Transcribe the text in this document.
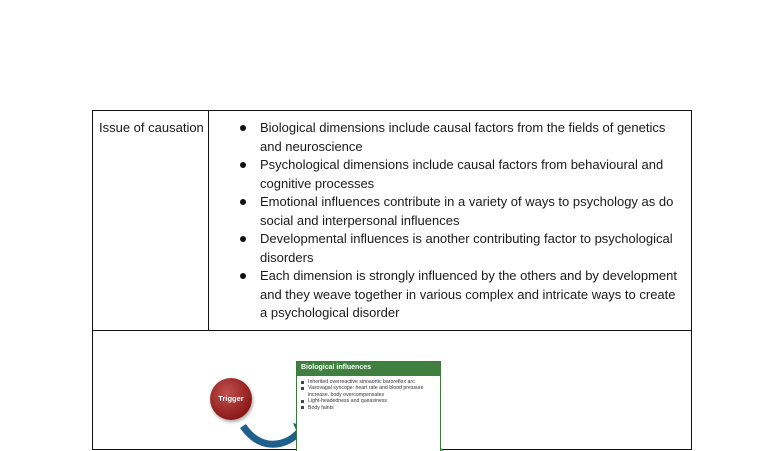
Issue of causation	Biological dimensions include causal factors from the fields of genetics and neuroscience
Psychological dimensions include causal factors from behavioural and cognitive processes
Emotional influences contribute in a variety of ways to psychology as do social and interpersonal influences
Developmental influences is another contributing factor to psychological disorders
Each dimension is strongly influenced by the others and by development and they weave together in various complex and intricate ways to create a psychological disorder
Trigger
Biological influences
Inherited overreactive sinoaortic baroreflex arc
Vasovagal syncope: heart rate and blood pressure increase, body overcompensates
Light-headedness and queasiness
Body faints
